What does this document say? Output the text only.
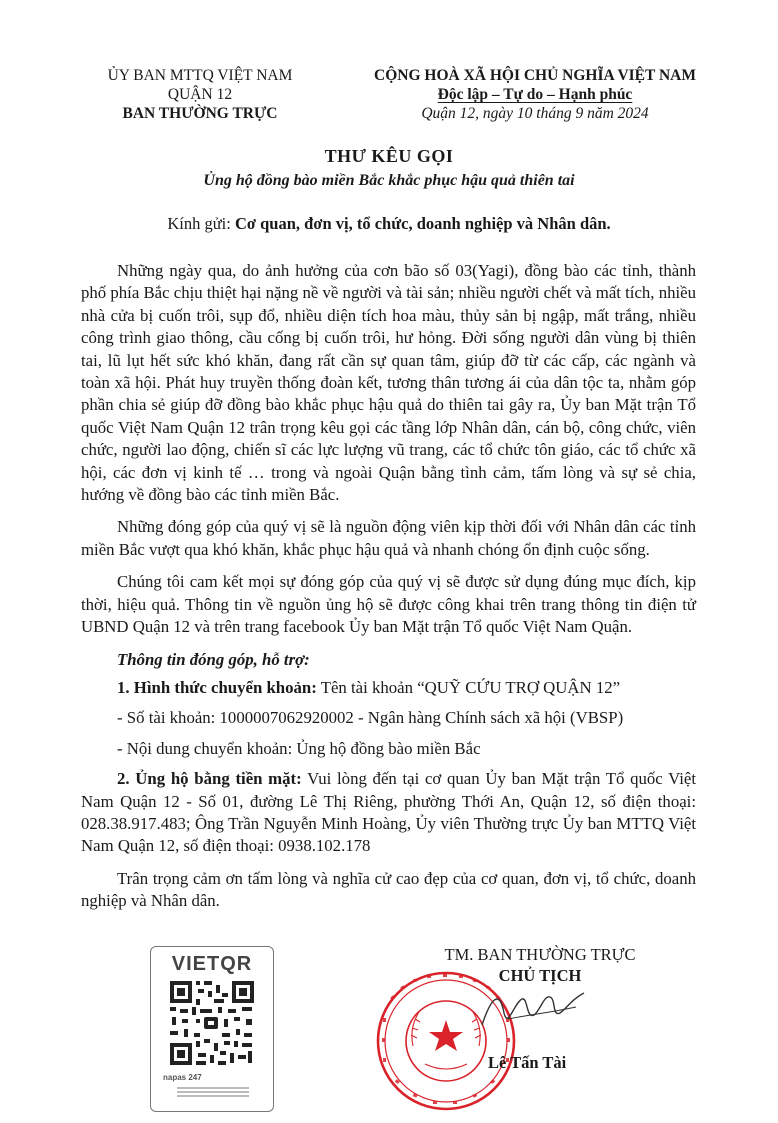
ỦY BAN MTTQ VIỆT NAM
QUẬN 12
BAN THƯỜNG TRỰC
CỘNG HOÀ XÃ HỘI CHỦ NGHĨA VIỆT NAM
Độc lập – Tự do – Hạnh phúc
Quận 12, ngày 10 tháng 9 năm 2024
THƯ KÊU GỌI
Ủng hộ đồng bào miền Bắc khắc phục hậu quả thiên tai
Kính gửi: Cơ quan, đơn vị, tổ chức, doanh nghiệp và Nhân dân.

Những ngày qua, do ảnh hưởng của cơn bão số 03(Yagi), đồng bào các tỉnh, thành phố phía Bắc chịu thiệt hại nặng nề về người và tài sản; nhiều người chết và mất tích, nhiều nhà cửa bị cuốn trôi, sụp đổ, nhiều diện tích hoa màu, thủy sản bị ngập, mất trắng, nhiều công trình giao thông, cầu cống bị cuốn trôi, hư hỏng. Đời sống người dân vùng bị thiên tai, lũ lụt hết sức khó khăn, đang rất cần sự quan tâm, giúp đỡ từ các cấp, các ngành và toàn xã hội. Phát huy truyền thống đoàn kết, tương thân tương ái của dân tộc ta, nhằm góp phần chia sẻ giúp đỡ đồng bào khắc phục hậu quả do thiên tai gây ra, Ủy ban Mặt trận Tổ quốc Việt Nam Quận 12 trân trọng kêu gọi các tầng lớp Nhân dân, cán bộ, công chức, viên chức, người lao động, chiến sĩ các lực lượng vũ trang, các tổ chức tôn giáo, các tổ chức xã hội, các đơn vị kinh tế … trong và ngoài Quận bằng tình cảm, tấm lòng và sự sẻ chia, hướng về đồng bào các tỉnh miền Bắc.

Những đóng góp của quý vị sẽ là nguồn động viên kịp thời đối với Nhân dân các tỉnh miền Bắc vượt qua khó khăn, khắc phục hậu quả và nhanh chóng ổn định cuộc sống.

Chúng tôi cam kết mọi sự đóng góp của quý vị sẽ được sử dụng đúng mục đích, kịp thời, hiệu quả. Thông tin về nguồn ủng hộ sẽ được công khai trên trang thông tin điện tử UBND Quận 12 và trên trang facebook Ủy ban Mặt trận Tổ quốc Việt Nam Quận.

Thông tin đóng góp, hỗ trợ:
1. Hình thức chuyển khoản: Tên tài khoản “QUỸ CỨU TRỢ QUẬN 12”
- Số tài khoản: 1000007062920002 - Ngân hàng Chính sách xã hội (VBSP)
- Nội dung chuyển khoản: Ủng hộ đồng bào miền Bắc

2. Ủng hộ bằng tiền mặt: Vui lòng đến tại cơ quan Ủy ban Mặt trận Tổ quốc Việt Nam Quận 12 - Số 01, đường Lê Thị Riêng, phường Thới An, Quận 12, số điện thoại: 028.38.917.483; Ông Trần Nguyễn Minh Hoàng, Ủy viên Thường trực Ủy ban MTTQ Việt Nam Quận 12, số điện thoại: 0938.102.178

Trân trọng cảm ơn tấm lòng và nghĩa cử cao đẹp của cơ quan, đơn vị, tổ chức, doanh nghiệp và Nhân dân.

VIETQR
napas 247
TM. BAN THƯỜNG TRỰC
CHỦ TỊCH
Lê Tấn Tài
